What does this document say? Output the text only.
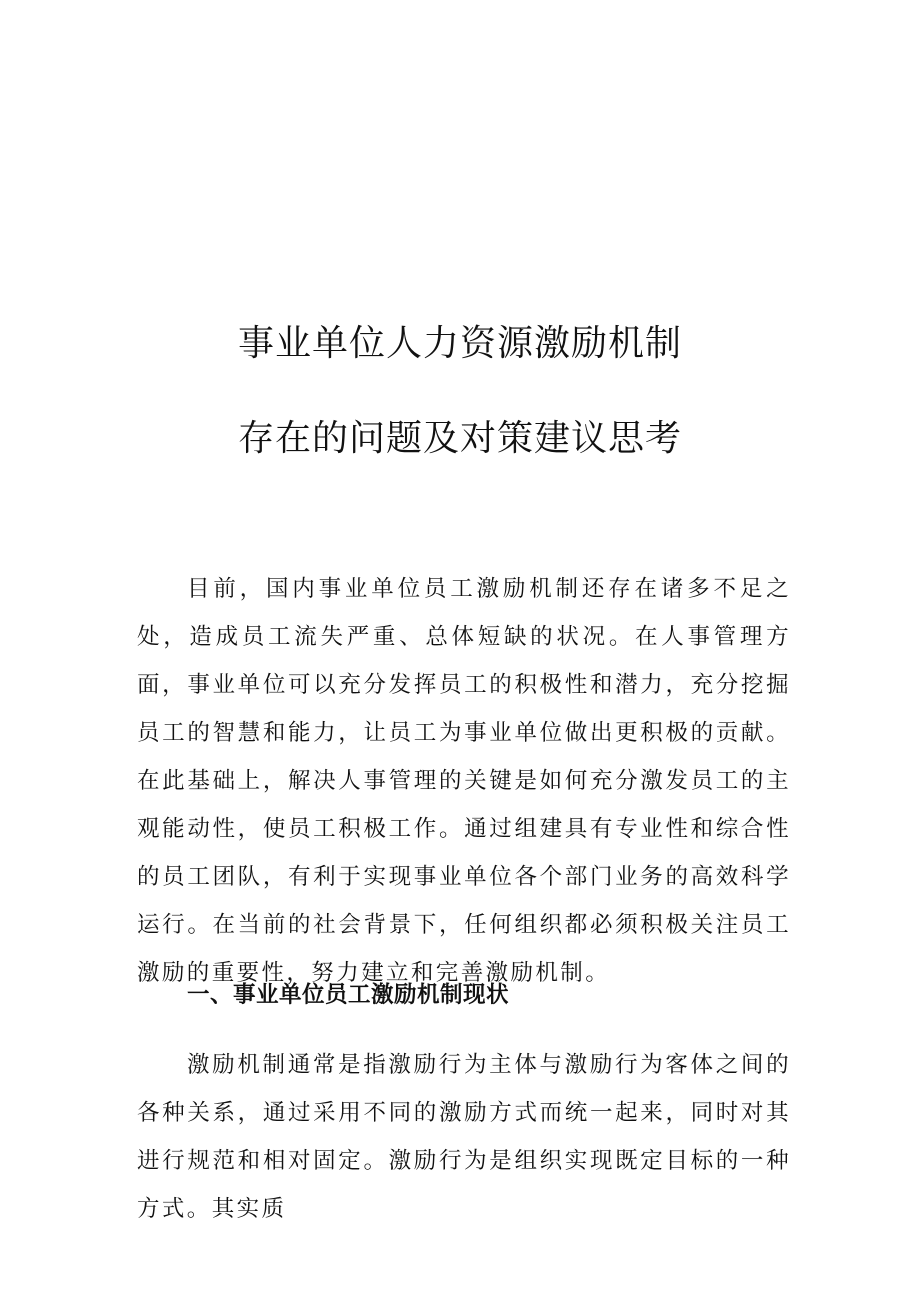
事业单位人力资源激励机制
存在的问题及对策建议思考

目前，国内事业单位员工激励机制还存在诸多不足之处，造成员工流失严重、总体短缺的状况。在人事管理方面，事业单位可以充分发挥员工的积极性和潜力，充分挖掘员工的智慧和能力，让员工为事业单位做出更积极的贡献。在此基础上，解决人事管理的关键是如何充分激发员工的主观能动性，使员工积极工作。通过组建具有专业性和综合性的员工团队，有利于实现事业单位各个部门业务的高效科学运行。在当前的社会背景下，任何组织都必须积极关注员工激励的重要性，努力建立和完善激励机制。

一、事业单位员工激励机制现状

激励机制通常是指激励行为主体与激励行为客体之间的各种关系，通过采用不同的激励方式而统一起来，同时对其进行规范和相对固定。激励行为是组织实现既定目标的一种方式。其实质
